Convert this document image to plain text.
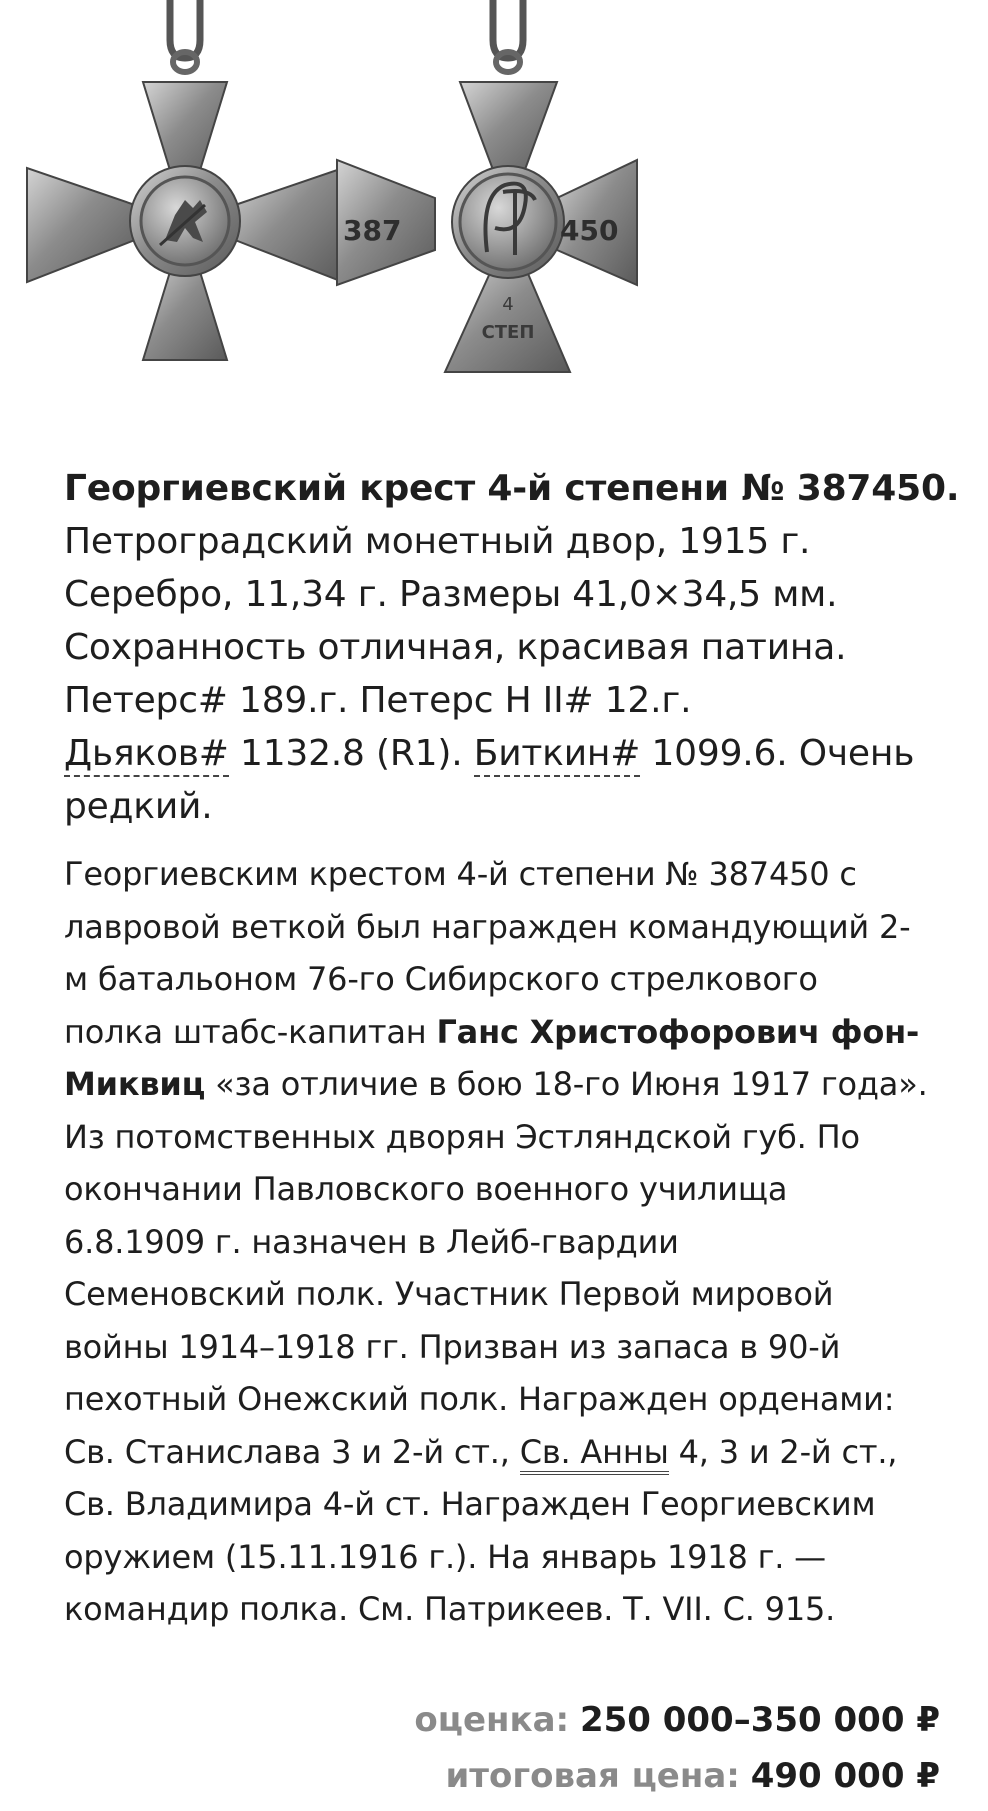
387	450
4
СТЕП
Георгиевский крест 4-й степени № 387450.
Петроградский монетный двор, 1915 г.
Серебро, 11,34 г. Размеры 41,0×34,5 мм.
Сохранность отличная, красивая патина.
Петерс# 189.г. Петерс Н II# 12.г.
Дьяков# 1132.8 (R1). Биткин# 1099.6. Очень
редкий.
Георгиевским крестом 4-й степени № 387450 с
лавровой веткой был награжден командующий 2-
м батальоном 76-го Сибирского стрелкового
полка штабс-капитан Ганс Христофорович фон-
Миквиц «за отличие в бою 18-го Июня 1917 года».
Из потомственных дворян Эстляндской губ. По
окончании Павловского военного училища
6.8.1909 г. назначен в Лейб-гвардии
Семеновский полк. Участник Первой мировой
войны 1914–1918 гг. Призван из запаса в 90-й
пехотный Онежский полк. Награжден орденами:
Св. Станислава 3 и 2-й ст., Св. Анны 4, 3 и 2-й ст.,
Св. Владимира 4-й ст. Награжден Георгиевским
оружием (15.11.1916 г.). На январь 1918 г. —
командир полка. См. Патрикеев. Т. VII. С. 915.
оценка: 250 000–350 000 ₽
итоговая цена: 490 000 ₽
